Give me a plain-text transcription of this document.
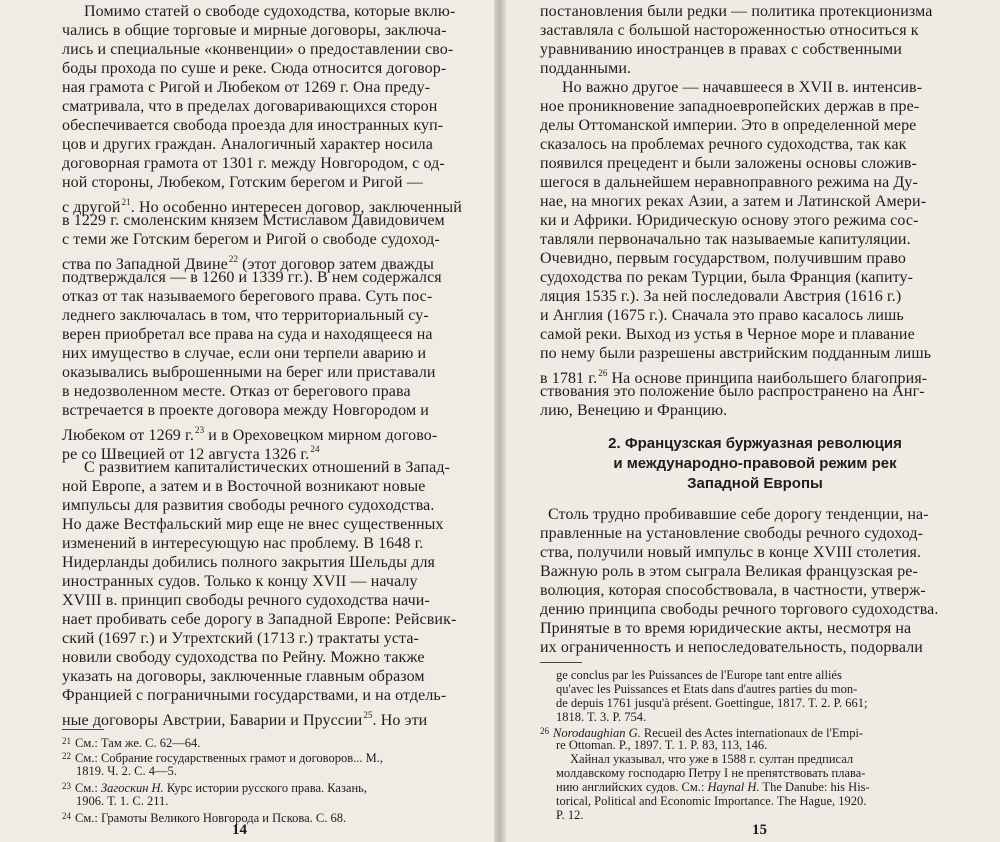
Помимо статей о свободе судоходства, которые вклю-
чались в общие торговые и мирные договоры, заключа-
лись и специальные «конвенции» о предоставлении сво-
боды прохода по суше и реке. Сюда относится договор-
ная грамота с Ригой и Любеком от 1269 г. Она преду-
сматривала, что в пределах договаривающихся сторон
обеспечивается свобода проезда для иностранных куп-
цов и других граждан. Аналогичный характер носила
договорная грамота от 1301 г. между Новгородом, с од-
ной стороны, Любеком, Готским берегом и Ригой —
с другой$^{21}$. Но особенно интересен договор, заключенный
в 1229 г. смоленским князем Мстиславом Давидовичем
с теми же Готским берегом и Ригой о свободе судоход-
ства по Западной Двине$^{22}$ (этот договор затем дважды
подтверждался — в 1260 и 1339 гг.). В нем содержался
отказ от так называемого берегового права. Суть пос-
леднего заключалась в том, что территориальный су-
верен приобретал все права на суда и находящееся на
них имущество в случае, если они терпели аварию и
оказывались выброшенными на берег или приставали
в недозволенном месте. Отказ от берегового права
встречается в проекте договора между Новгородом и
Любеком от 1269 г.$^{23}$ и в Ореховецком мирном догово-
ре со Швецией от 12 августа 1326 г.$^{24}$
С развитием капиталистических отношений в Запад-
ной Европе, а затем и в Восточной возникают новые
импульсы для развития свободы речного судоходства.
Но даже Вестфальский мир еще не внес существенных
изменений в интересующую нас проблему. В 1648 г.
Нидерланды добились полного закрытия Шельды для
иностранных судов. Только к концу XVII — началу
XVIII в. принцип свободы речного судоходства начи-
нает пробивать себе дорогу в Западной Европе: Рейсвик-
ский (1697 г.) и Утрехтский (1713 г.) трактаты уста-
новили свободу судоходства по Рейну. Можно также
указать на договоры, заключенные главным образом
Францией с пограничными государствами, и на отдель-
ные договоры Австрии, Баварии и Пруссии$^{25}$. Но эти
$^{21}$ См.: Там же. С. 62—64.
$^{22}$ См.: Собрание государственных грамот и договоров... М.,
1819. Ч. 2. С. 4—5.
$^{23}$ См.: Загоскин Н. Курс истории русского права. Казань,
1906. Т. 1. С. 211.
$^{24}$ См.: Грамоты Великого Новгорода и Пскова. С. 68.
постановления были редки — политика протекционизма
заставляла с большой настороженностью относиться к
уравниванию иностранцев в правах с собственными
подданными.
Но важно другое — начавшееся в XVII в. интенсив-
ное проникновение западноевропейских держав в пре-
делы Оттоманской империи. Это в определенной мере
сказалось на проблемах речного судоходства, так как
появился прецедент и были заложены основы сложив-
шегося в дальнейшем неравноправного режима на Ду-
нае, на многих реках Азии, а затем и Латинской Амери-
ки и Африки. Юридическую основу этого режима сос-
тавляли первоначально так называемые капитуляции.
Очевидно, первым государством, получившим право
судоходства по рекам Турции, была Франция (капиту-
ляция 1535 г.). За ней последовали Австрия (1616 г.)
и Англия (1675 г.). Сначала это право касалось лишь
самой реки. Выход из устья в Черное море и плавание
по нему были разрешены австрийским подданным лишь
в 1781 г.$^{26}$ На основе принципа наибольшего благоприя-
ствования это положение было распространено на Анг-
лию, Венецию и Францию.
2. Французская буржуазная революция
и международно-правовой режим рек
Западной Европы
Столь трудно пробивавшие себе дорогу тенденции, на-
правленные на установление свободы речного судоход-
ства, получили новый импульс в конце XVIII столетия.
Важную роль в этом сыграла Великая французская ре-
волюция, которая способствовала, в частности, утверж-
дению принципа свободы речного торгового судоходства.
Принятые в то время юридические акты, несмотря на
их ограниченность и непоследовательность, подорвали
ge conclus par les Puissances de l'Europe tant entre alliés
qu'avec les Puissances et Etats dans d'autres parties du mon-
de depuis 1761 jusqu'à présent. Goettingue, 1817. T. 2. P. 661;
1818. T. 3. P. 754.
$^{26}$ Norodaughian G. Recueil des Actes internationaux de l'Empi-
re Ottoman. P., 1897. T. 1. P. 83, 113, 146.
Хайнал указывал, что уже в 1588 г. султан предписал
молдавскому господарю Петру I не препятствовать плава-
нию английских судов. См.: Haynal H. The Danube: his His-
torical, Political and Economic Importance. The Hague, 1920.
P. 12.
14	15
